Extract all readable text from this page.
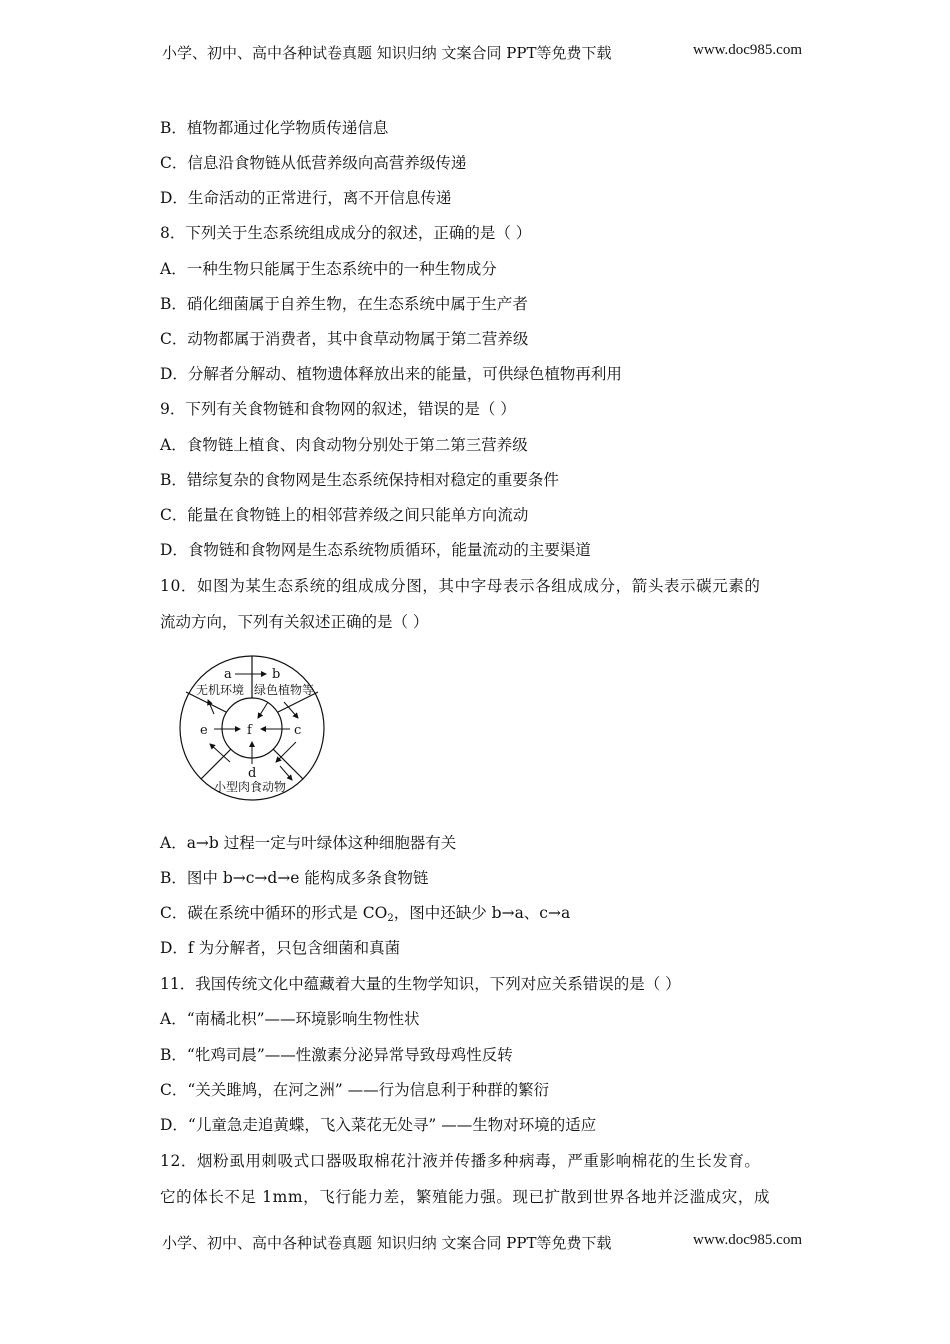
小学、初中、高中各种试卷真题 知识归纳 文案合同 PPT等免费下载	www.doc985.com
B．植物都通过化学物质传递信息
C．信息沿食物链从低营养级向高营养级传递
D．生命活动的正常进行，离不开信息传递
8．下列关于生态系统组成成分的叙述，正确的是（ ）
A．一种生物只能属于生态系统中的一种生物成分
B．硝化细菌属于自养生物，在生态系统中属于生产者
C．动物都属于消费者，其中食草动物属于第二营养级
D．分解者分解动、植物遗体释放出来的能量，可供绿色植物再利用
9．下列有关食物链和食物网的叙述，错误的是（ ）
A．食物链上植食、肉食动物分别处于第二第三营养级
B．错综复杂的食物网是生态系统保持相对稳定的重要条件
C．能量在食物链上的相邻营养级之间只能单方向流动
D．食物链和食物网是生态系统物质循环，能量流动的主要渠道
10．如图为某生态系统的组成成分图，其中字母表示各组成成分，箭头表示碳元素的
流动方向，下列有关叙述正确的是（ ）
a	b
e	f	c
d
无机环境 绿色植物等
小型肉食动物
A．a→b 过程一定与叶绿体这种细胞器有关
B．图中 b→c→d→e 能构成多条食物链
C．碳在系统中循环的形式是 $CO_2$，图中还缺少 b→a、c→a
D．f 为分解者，只包含细菌和真菌
11．我国传统文化中蕴藏着大量的生物学知识，下列对应关系错误的是（ ）
A．“南橘北枳”——环境影响生物性状
B．“牝鸡司晨”——性激素分泌异常导致母鸡性反转
C．“关关雎鸠，在河之洲” ——行为信息利于种群的繁衍
D．“儿童急走追黄蝶，飞入菜花无处寻” ——生物对环境的适应
12．烟粉虱用刺吸式口器吸取棉花汁液并传播多种病毒，严重影响棉花的生长发育。
它的体长不足 1mm，飞行能力差，繁殖能力强。现已扩散到世界各地并泛滥成灾，成
小学、初中、高中各种试卷真题 知识归纳 文案合同 PPT等免费下载	www.doc985.com
